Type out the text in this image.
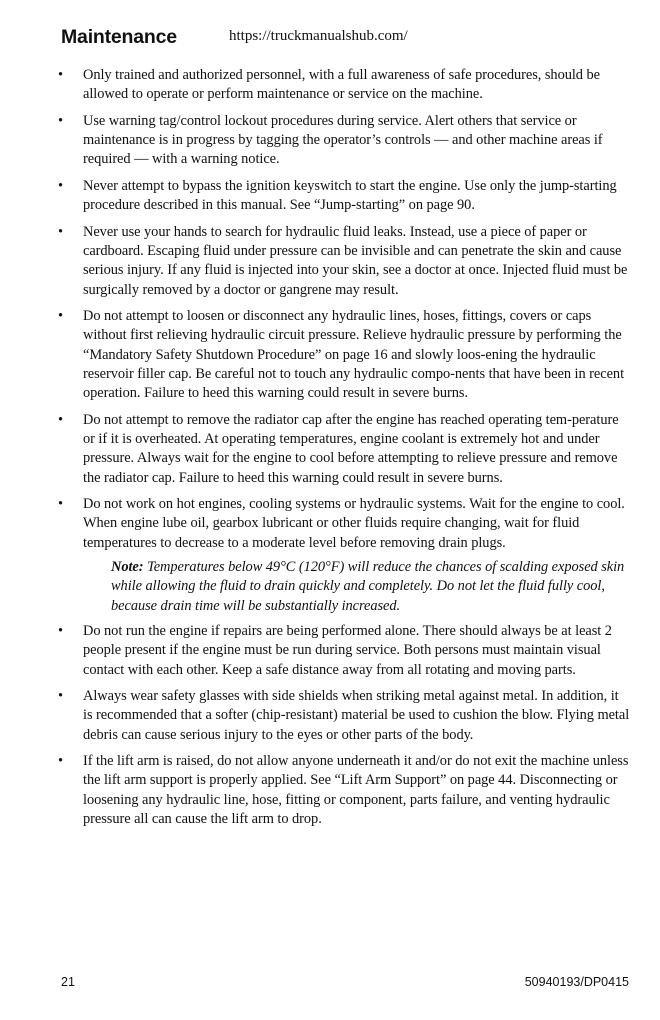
Maintenance	https://truckmanualshub.com/
• Only trained and authorized personnel, with a full awareness of safe procedures, should be allowed to operate or perform maintenance or service on the machine.
• Use warning tag/control lockout procedures during service. Alert others that service or maintenance is in progress by tagging the operator’s controls — and other machine areas if required — with a warning notice.
• Never attempt to bypass the ignition keyswitch to start the engine. Use only the jump-starting procedure described in this manual. See “Jump-starting” on page 90.
• Never use your hands to search for hydraulic fluid leaks. Instead, use a piece of paper or cardboard. Escaping fluid under pressure can be invisible and can penetrate the skin and cause serious injury. If any fluid is injected into your skin, see a doctor at once. Injected fluid must be surgically removed by a doctor or gangrene may result.
• Do not attempt to loosen or disconnect any hydraulic lines, hoses, fittings, covers or caps without first relieving hydraulic circuit pressure. Relieve hydraulic pressure by performing the “Mandatory Safety Shutdown Procedure” on page 16 and slowly loos-ening the hydraulic reservoir filler cap. Be careful not to touch any hydraulic compo-nents that have been in recent operation. Failure to heed this warning could result in severe burns.
• Do not attempt to remove the radiator cap after the engine has reached operating tem-perature or if it is overheated. At operating temperatures, engine coolant is extremely hot and under pressure. Always wait for the engine to cool before attempting to relieve pressure and remove the radiator cap. Failure to heed this warning could result in severe burns.
• Do not work on hot engines, cooling systems or hydraulic systems. Wait for the engine to cool. When engine lube oil, gearbox lubricant or other fluids require changing, wait for fluid temperatures to decrease to a moderate level before removing drain plugs.

Note: Temperatures below 49°C (120°F) will reduce the chances of scalding exposed skin while allowing the fluid to drain quickly and completely. Do not let the fluid fully cool, because drain time will be substantially increased.

• Do not run the engine if repairs are being performed alone. There should always be at least 2 people present if the engine must be run during service. Both persons must maintain visual contact with each other. Keep a safe distance away from all rotating and moving parts.
• Always wear safety glasses with side shields when striking metal against metal. In addition, it is recommended that a softer (chip-resistant) material be used to cushion the blow. Flying metal debris can cause serious injury to the eyes or other parts of the body.
• If the lift arm is raised, do not allow anyone underneath it and/or do not exit the machine unless the lift arm support is properly applied. See “Lift Arm Support” on page 44. Disconnecting or loosening any hydraulic line, hose, fitting or component, parts failure, and venting hydraulic pressure all can cause the lift arm to drop.
21	50940193/DP0415
